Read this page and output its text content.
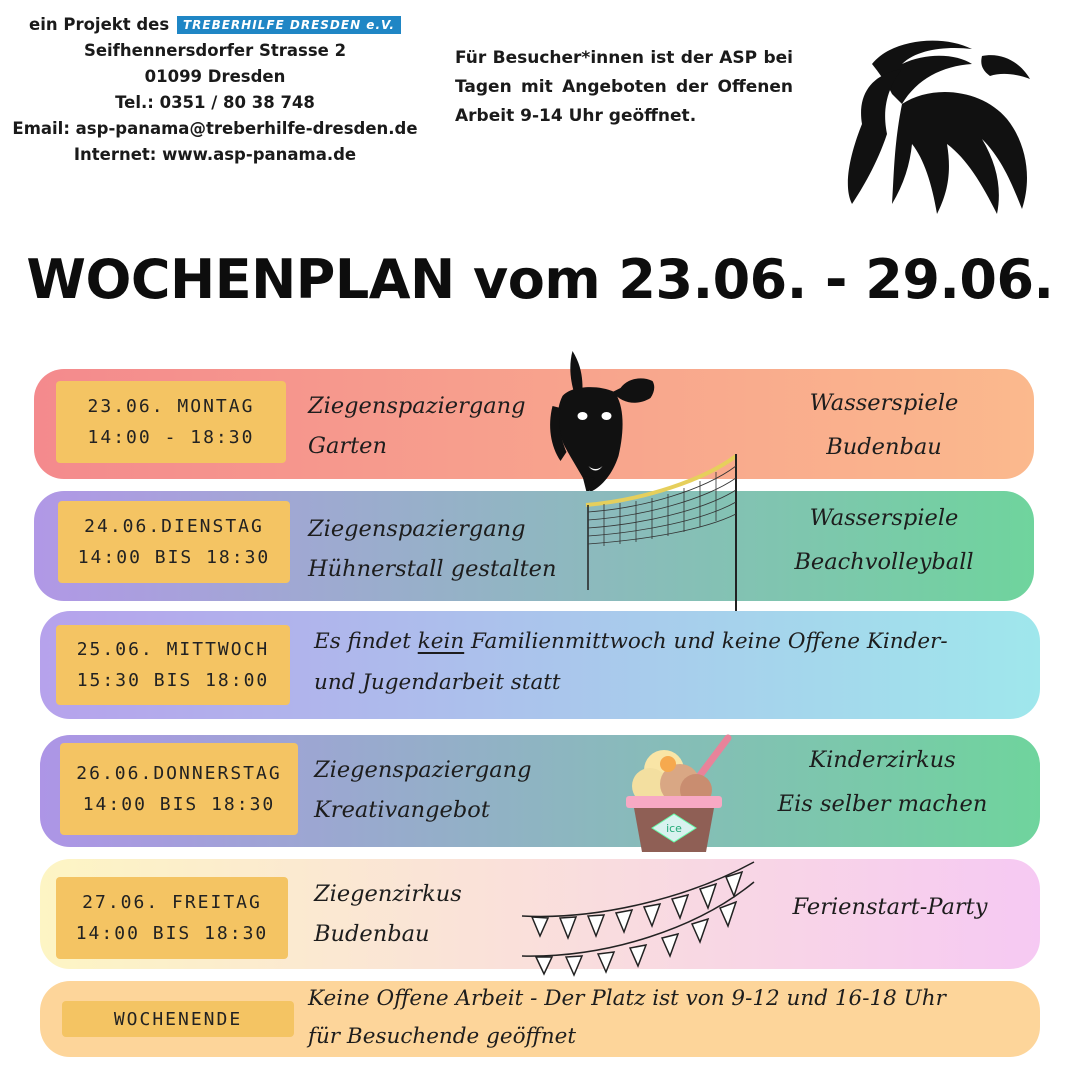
ein Projekt des TREBERHILFE DRESDEN e.V.
Seifhennersdorfer Strasse 2
01099 Dresden
Tel.: 0351 / 80 38 748
Email: asp-panama@treberhilfe-dresden.de
Internet: www.asp-panama.de
Für Besucher*innen ist der ASP bei Tagen mit Angeboten der Offenen Arbeit 9-14 Uhr geöffnet.
WOCHENPLAN vom 23.06. - 29.06.
23.06. MONTAG
14:00 - 18:30
Ziegenspaziergang
Garten
Wasserspiele
Budenbau
24.06.DIENSTAG
14:00 BIS 18:30
Ziegenspaziergang
Hühnerstall gestalten
Wasserspiele
Beachvolleyball
25.06. MITTWOCH
15:30 BIS 18:00
Es findet kein Familienmittwoch und keine Offene Kinder-
und Jugendarbeit statt
26.06.DONNERSTAG
14:00 BIS 18:30
Ziegenspaziergang
Kreativangebot
Kinderzirkus
Eis selber machen
ice
27.06. FREITAG
14:00 BIS 18:30
Ziegenzirkus
Budenbau
Ferienstart-Party
WOCHENENDE
Keine Offene Arbeit - Der Platz ist von 9-12 und 16-18 Uhr
für Besuchende geöffnet
